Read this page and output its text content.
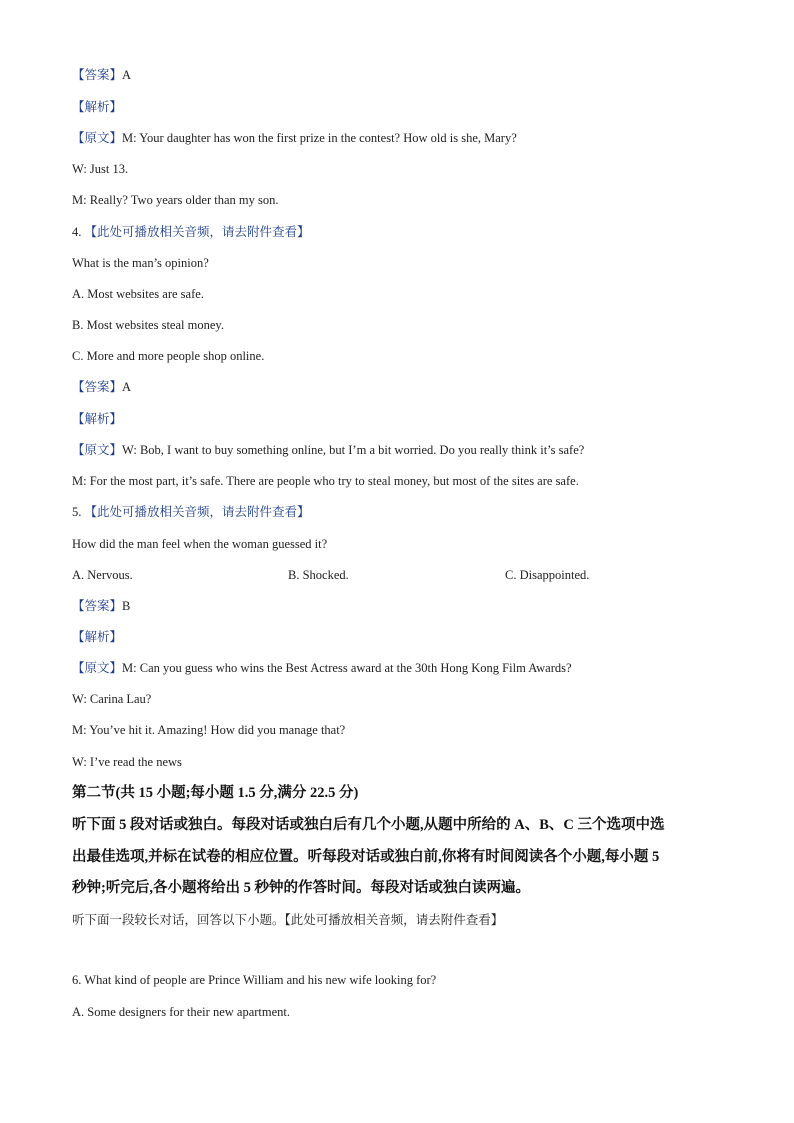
【答案】A
【解析】
【原文】M: Your daughter has won the first prize in the contest? How old is she, Mary?
W: Just 13.
M: Really? Two years older than my son.
4. 【此处可播放相关音频，请去附件查看】
What is the man’s opinion?
A. Most websites are safe.
B. Most websites steal money.
C. More and more people shop online.
【答案】A
【解析】
【原文】W: Bob, I want to buy something online, but I’m a bit worried. Do you really think it’s safe?
M: For the most part, it’s safe. There are people who try to steal money, but most of the sites are safe.
5. 【此处可播放相关音频，请去附件查看】
How did the man feel when the woman guessed it?
A. Nervous.	B. Shocked.	C. Disappointed.
【答案】B
【解析】
【原文】M: Can you guess who wins the Best Actress award at the 30th Hong Kong Film Awards?
W: Carina Lau?
M: You’ve hit it. Amazing! How did you manage that?
W: I’ve read the news
第二节(共 15 小题;每小题 1.5 分,满分 22.5 分)
听下面 5 段对话或独白。每段对话或独白后有几个小题,从题中所给的 A、B、C 三个选项中选
出最佳选项,并标在试卷的相应位置。听每段对话或独白前,你将有时间阅读各个小题,每小题 5
秒钟;听完后,各小题将给出 5 秒钟的作答时间。每段对话或独白读两遍。
听下面一段较长对话，回答以下小题。【此处可播放相关音频，请去附件查看】
6. What kind of people are Prince William and his new wife looking for?
A. Some designers for their new apartment.
